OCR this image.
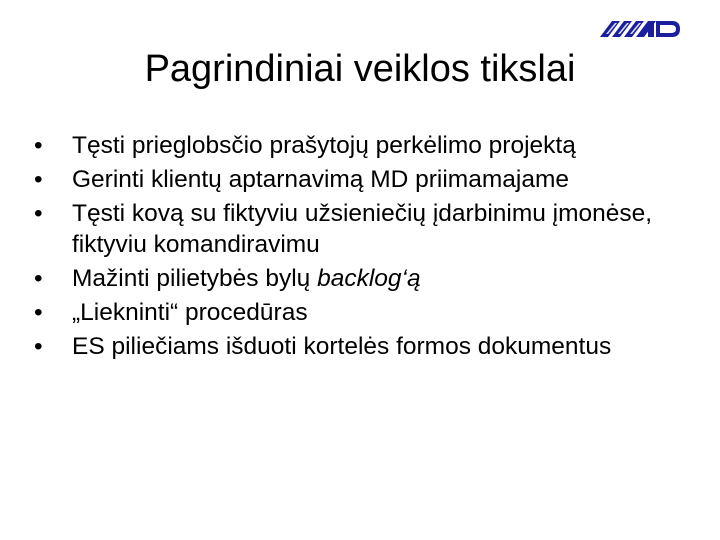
Pagrindiniai veiklos tikslai
• Tęsti prieglobsčio prašytojų perkėlimo projektą
• Gerinti klientų aptarnavimą MD priimamajame
• Tęsti kovą su fiktyviu užsieniečių įdarbinimu įmonėse, fiktyviu komandiravimu
• Mažinti pilietybės bylų backlog‘ą
• „Liekninti“ procedūras
• ES piliečiams išduoti kortelės formos dokumentus
